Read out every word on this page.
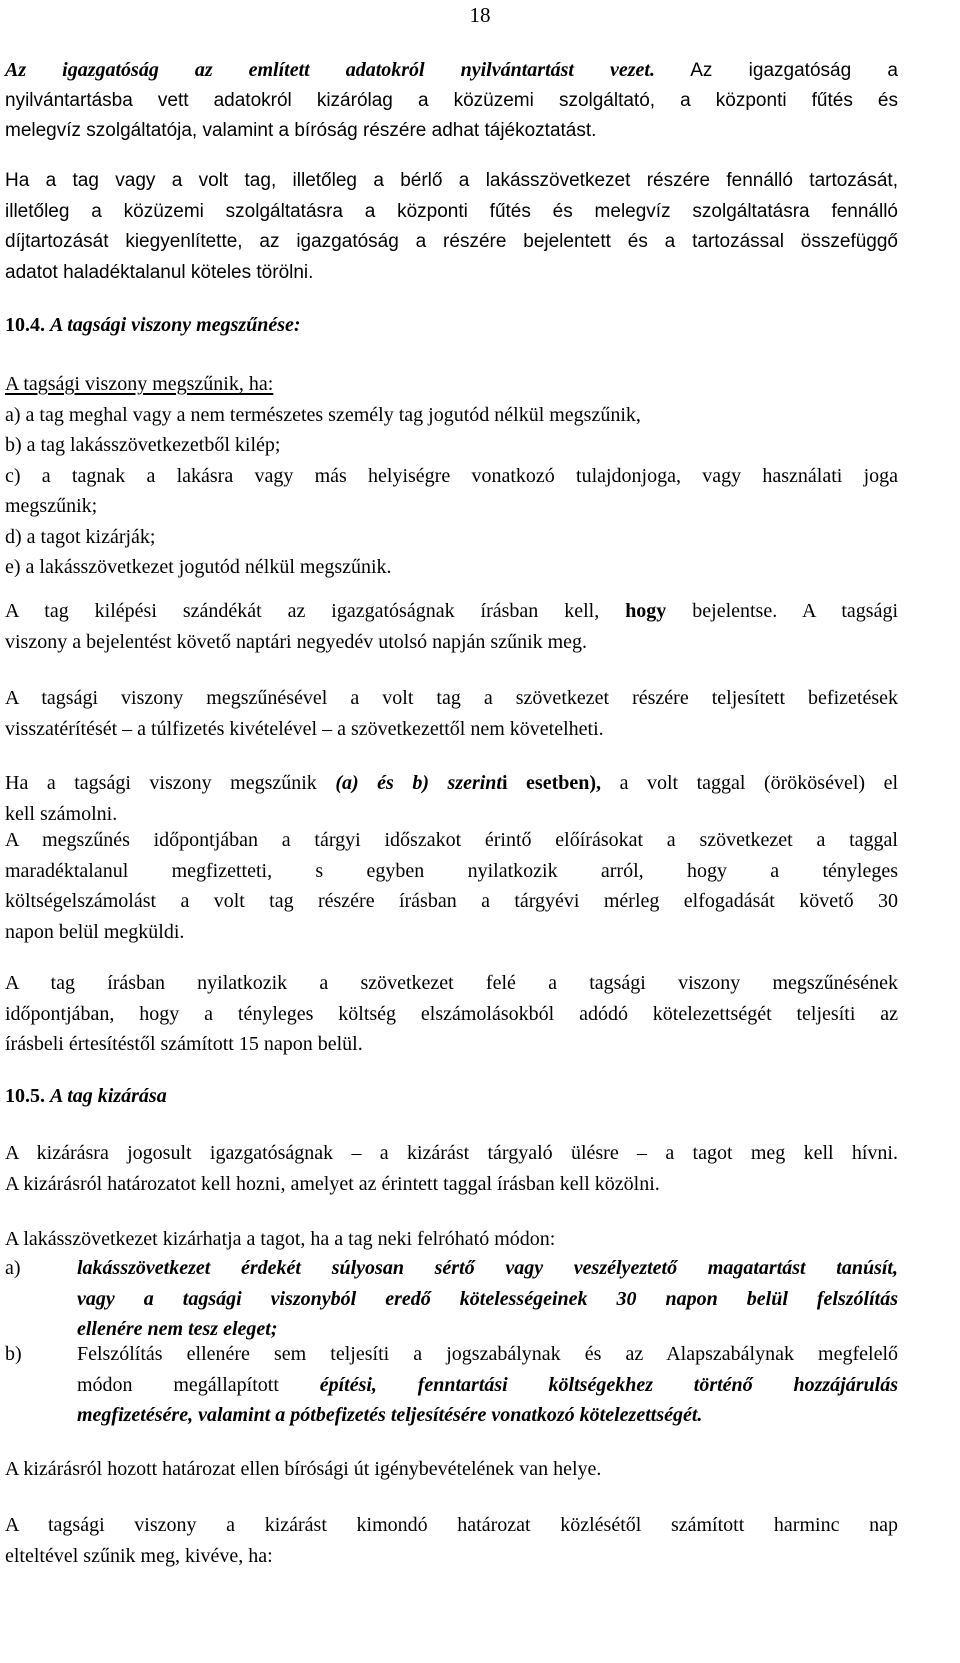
18
Az igazgatóság az említett adatokról nyilvántartást vezet. Az igazgatóság a
nyilvántartásba vett adatokról kizárólag a közüzemi szolgáltató, a központi fűtés és
melegvíz szolgáltatója, valamint a bíróság részére adhat tájékoztatást.
Ha a tag vagy a volt tag, illetőleg a bérlő a lakásszövetkezet részére fennálló tartozását,
illetőleg a közüzemi szolgáltatásra a központi fűtés és melegvíz szolgáltatásra fennálló
díjtartozását kiegyenlítette, az igazgatóság a részére bejelentett és a tartozással összefüggő
adatot haladéktalanul köteles törölni.
10.4. A tagsági viszony megszűnése:
A tagsági viszony megszűnik, ha:
a) a tag meghal vagy a nem természetes személy tag jogutód nélkül megszűnik,
b) a tag lakásszövetkezetből kilép;
c) a tagnak a lakásra vagy más helyiségre vonatkozó tulajdonjoga, vagy használati joga
megszűnik;
d) a tagot kizárják;
e) a lakásszövetkezet jogutód nélkül megszűnik.
A tag kilépési szándékát az igazgatóságnak írásban kell, hogy bejelentse. A tagsági
viszony a bejelentést követő naptári negyedév utolsó napján szűnik meg.
A tagsági viszony megszűnésével a volt tag a szövetkezet részére teljesített befizetések
visszatérítését – a túlfizetés kivételével – a szövetkezettől nem követelheti.
Ha a tagsági viszony megszűnik (a) és b) szerinti esetben), a volt taggal (örökösével) el
kell számolni.
A megszűnés időpontjában a tárgyi időszakot érintő előírásokat a szövetkezet a taggal
maradéktalanul megfizetteti, s egyben nyilatkozik arról, hogy a tényleges
költségelszámolást a volt tag részére írásban a tárgyévi mérleg elfogadását követő 30
napon belül megküldi.
A tag írásban nyilatkozik a szövetkezet felé a tagsági viszony megszűnésének
időpontjában, hogy a tényleges költség elszámolásokból adódó kötelezettségét teljesíti az
írásbeli értesítéstől számított 15 napon belül.
10.5. A tag kizárása
A kizárásra jogosult igazgatóságnak – a kizárást tárgyaló ülésre – a tagot meg kell hívni.
A kizárásról határozatot kell hozni, amelyet az érintett taggal írásban kell közölni.
A lakásszövetkezet kizárhatja a tagot, ha a tag neki felróható módon:
a)	lakásszövetkezet érdekét súlyosan sértő vagy veszélyeztető magatartást tanúsít,
vagy a tagsági viszonyból eredő kötelességeinek 30 napon belül felszólítás
ellenére nem tesz eleget;
b)	Felszólítás ellenére sem teljesíti a jogszabálynak és az Alapszabálynak megfelelő
módon megállapított építési, fenntartási költségekhez történő hozzájárulás
megfizetésére, valamint a pótbefizetés teljesítésére vonatkozó kötelezettségét.
A kizárásról hozott határozat ellen bírósági út igénybevételének van helye.
A tagsági viszony a kizárást kimondó határozat közlésétől számított harminc nap
elteltével szűnik meg, kivéve, ha:
